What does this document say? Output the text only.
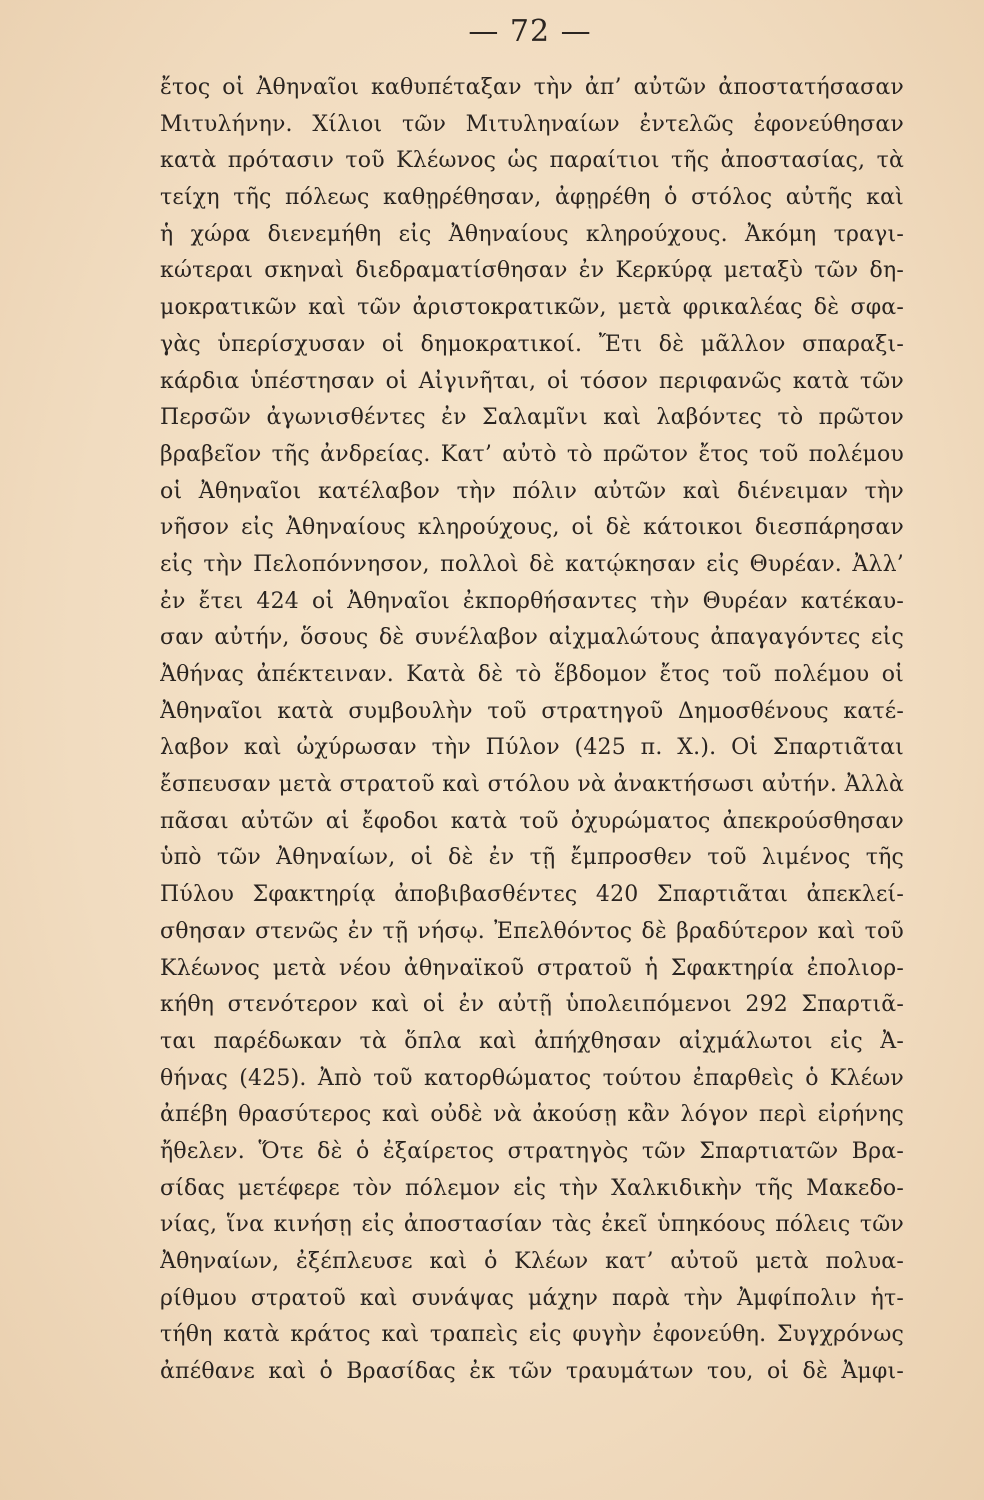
— 72 —
ἔτος οἱ Ἀθηναῖοι καθυπέταξαν τὴν ἀπ’ αὐτῶν ἀποστατήσασαν
Μιτυλήνην. Χίλιοι τῶν Μιτυληναίων ἐντελῶς ἐφονεύθησαν
κατὰ πρότασιν τοῦ Κλέωνος ὡς παραίτιοι τῆς ἀποστασίας, τὰ
τείχη τῆς πόλεως καθῃρέθησαν, ἀφῃρέθη ὁ στόλος αὐτῆς καὶ
ἡ χώρα διενεμήθη εἰς Ἀθηναίους κληρούχους. Ἀκόμη τραγι-
κώτεραι σκηναὶ διεδραματίσθησαν ἐν Κερκύρᾳ μεταξὺ τῶν δη-
μοκρατικῶν καὶ τῶν ἀριστοκρατικῶν, μετὰ φρικαλέας δὲ σφα-
γὰς ὑπερίσχυσαν οἱ δημοκρατικοί. Ἔτι δὲ μᾶλλον σπαραξι-
κάρδια ὑπέστησαν οἱ Αἰγινῆται, οἱ τόσον περιφανῶς κατὰ τῶν
Περσῶν ἀγωνισθέντες ἐν Σαλαμῖνι καὶ λαβόντες τὸ πρῶτον
βραβεῖον τῆς ἀνδρείας. Κατ’ αὐτὸ τὸ πρῶτον ἔτος τοῦ πολέμου
οἱ Ἀθηναῖοι κατέλαβον τὴν πόλιν αὐτῶν καὶ διένειμαν τὴν
νῆσον εἰς Ἀθηναίους κληρούχους, οἱ δὲ κάτοικοι διεσπάρησαν
εἰς τὴν Πελοπόννησον, πολλοὶ δὲ κατῴκησαν εἰς Θυρέαν. Ἀλλ’
ἐν ἔτει 424 οἱ Ἀθηναῖοι ἐκπορθήσαντες τὴν Θυρέαν κατέκαυ-
σαν αὐτήν, ὅσους δὲ συνέλαβον αἰχμαλώτους ἀπαγαγόντες εἰς
Ἀθήνας ἀπέκτειναν. Κατὰ δὲ τὸ ἕβδομον ἔτος τοῦ πολέμου οἱ
Ἀθηναῖοι κατὰ συμβουλὴν τοῦ στρατηγοῦ Δημοσθένους κατέ-
λαβον καὶ ὠχύρωσαν τὴν Πύλον (425 π. Χ.). Οἱ Σπαρτιᾶται
ἔσπευσαν μετὰ στρατοῦ καὶ στόλου νὰ ἀνακτήσωσι αὐτήν. Ἀλλὰ
πᾶσαι αὐτῶν αἱ ἔφοδοι κατὰ τοῦ ὀχυρώματος ἀπεκρούσθησαν
ὑπὸ τῶν Ἀθηναίων, οἱ δὲ ἐν τῇ ἔμπροσθεν τοῦ λιμένος τῆς
Πύλου Σφακτηρίᾳ ἀποβιβασθέντες 420 Σπαρτιᾶται ἀπεκλεί-
σθησαν στενῶς ἐν τῇ νήσῳ. Ἐπελθόντος δὲ βραδύτερον καὶ τοῦ
Κλέωνος μετὰ νέου ἀθηναϊκοῦ στρατοῦ ἡ Σφακτηρία ἐπολιορ-
κήθη στενότερον καὶ οἱ ἐν αὐτῇ ὑπολειπόμενοι 292 Σπαρτιᾶ-
ται παρέδωκαν τὰ ὅπλα καὶ ἀπήχθησαν αἰχμάλωτοι εἰς Ἀ-
θήνας (425). Ἀπὸ τοῦ κατορθώματος τούτου ἐπαρθεὶς ὁ Κλέων
ἀπέβη θρασύτερος καὶ οὐδὲ νὰ ἀκούσῃ κἂν λόγον περὶ εἰρήνης
ἤθελεν. Ὅτε δὲ ὁ ἐξαίρετος στρατηγὸς τῶν Σπαρτιατῶν Βρα-
σίδας μετέφερε τὸν πόλεμον εἰς τὴν Χαλκιδικὴν τῆς Μακεδο-
νίας, ἵνα κινήσῃ εἰς ἀποστασίαν τὰς ἐκεῖ ὑπηκόους πόλεις τῶν
Ἀθηναίων, ἐξέπλευσε καὶ ὁ Κλέων κατ’ αὐτοῦ μετὰ πολυα-
ρίθμου στρατοῦ καὶ συνάψας μάχην παρὰ τὴν Ἀμφίπολιν ἡτ-
τήθη κατὰ κράτος καὶ τραπεὶς εἰς φυγὴν ἐφονεύθη. Συγχρόνως
ἀπέθανε καὶ ὁ Βρασίδας ἐκ τῶν τραυμάτων του, οἱ δὲ Ἀμφι-
